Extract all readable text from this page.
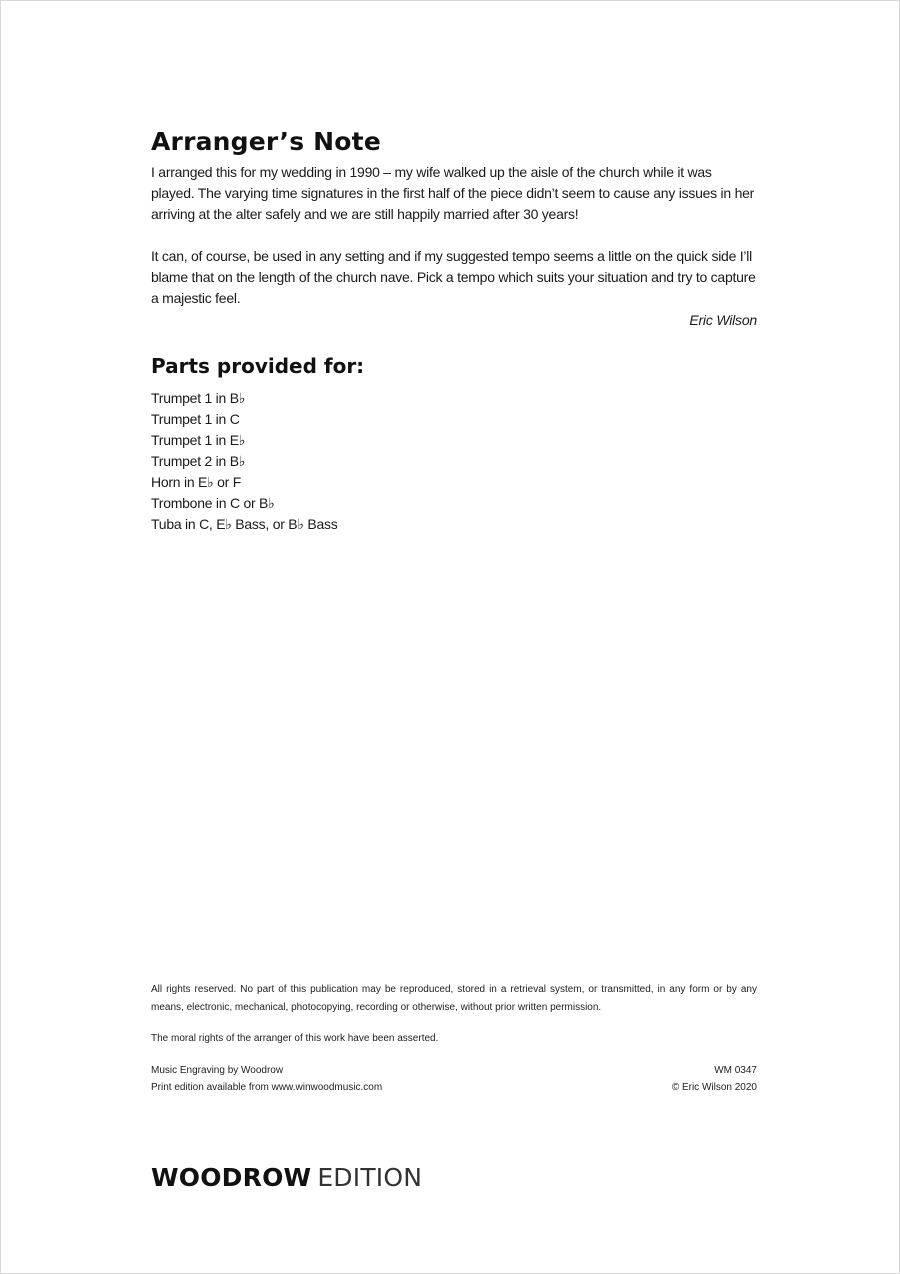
Arranger’s Note

I arranged this for my wedding in 1990 – my wife walked up the aisle of the church while it was played. The varying time signatures in the first half of the piece didn’t seem to cause any issues in her arriving at the alter safely and we are still happily married after 30 years!

It can, of course, be used in any setting and if my suggested tempo seems a little on the quick side I’ll blame that on the length of the church nave. Pick a tempo which suits your situation and try to capture a majestic feel.

Eric Wilson
Parts provided for:
Trumpet 1 in B♭
Trumpet 1 in C
Trumpet 1 in E♭
Trumpet 2 in B♭
Horn in E♭ or F
Trombone in C or B♭
Tuba in C, E♭ Bass, or B♭ Bass

All rights reserved. No part of this publication may be reproduced, stored in a retrieval system, or transmitted, in any form or by any means, electronic, mechanical, photocopying, recording or otherwise, without prior written permission.

The moral rights of the arranger of this work have been asserted.

Music Engraving by Woodrow
Print edition available from www.winwoodmusic.com
WM 0347
© Eric Wilson 2020
WOODROW EDITION
